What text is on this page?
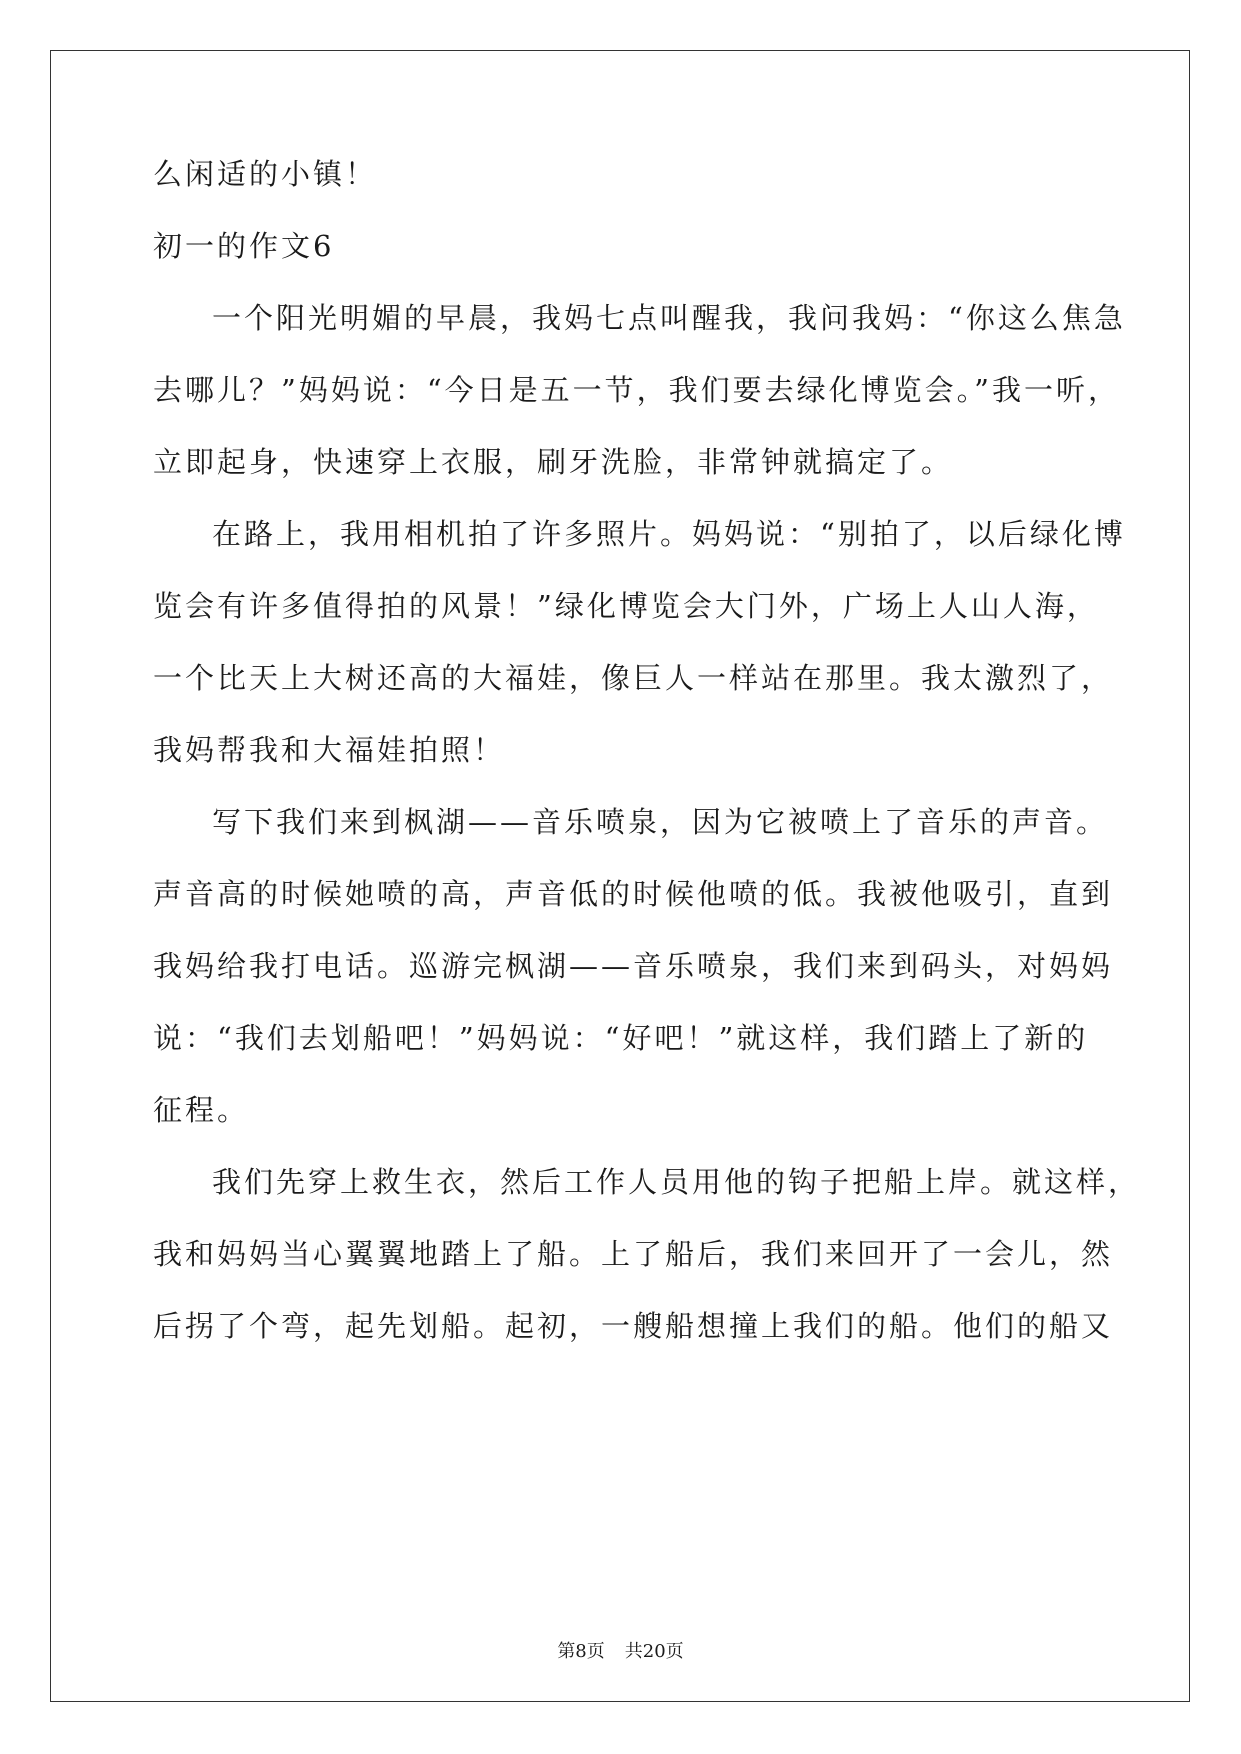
么闲适的小镇！
初一的作文6
一个阳光明媚的早晨，我妈七点叫醒我，我问我妈：“你这么焦急
去哪儿？”妈妈说：“今日是五一节，我们要去绿化博览会。”我一听，
立即起身，快速穿上衣服，刷牙洗脸，非常钟就搞定了。
在路上，我用相机拍了许多照片。妈妈说：“别拍了，以后绿化博
览会有许多值得拍的风景！”绿化博览会大门外，广场上人山人海，
一个比天上大树还高的大福娃，像巨人一样站在那里。我太激烈了，
我妈帮我和大福娃拍照！
写下我们来到枫湖——音乐喷泉，因为它被喷上了音乐的声音。
声音高的时候她喷的高，声音低的时候他喷的低。我被他吸引，直到
我妈给我打电话。巡游完枫湖——音乐喷泉，我们来到码头，对妈妈
说：“我们去划船吧！”妈妈说：“好吧！”就这样，我们踏上了新的
征程。
我们先穿上救生衣，然后工作人员用他的钩子把船上岸。就这样，
我和妈妈当心翼翼地踏上了船。上了船后，我们来回开了一会儿，然
后拐了个弯，起先划船。起初，一艘船想撞上我们的船。他们的船又
第8页 共20页
